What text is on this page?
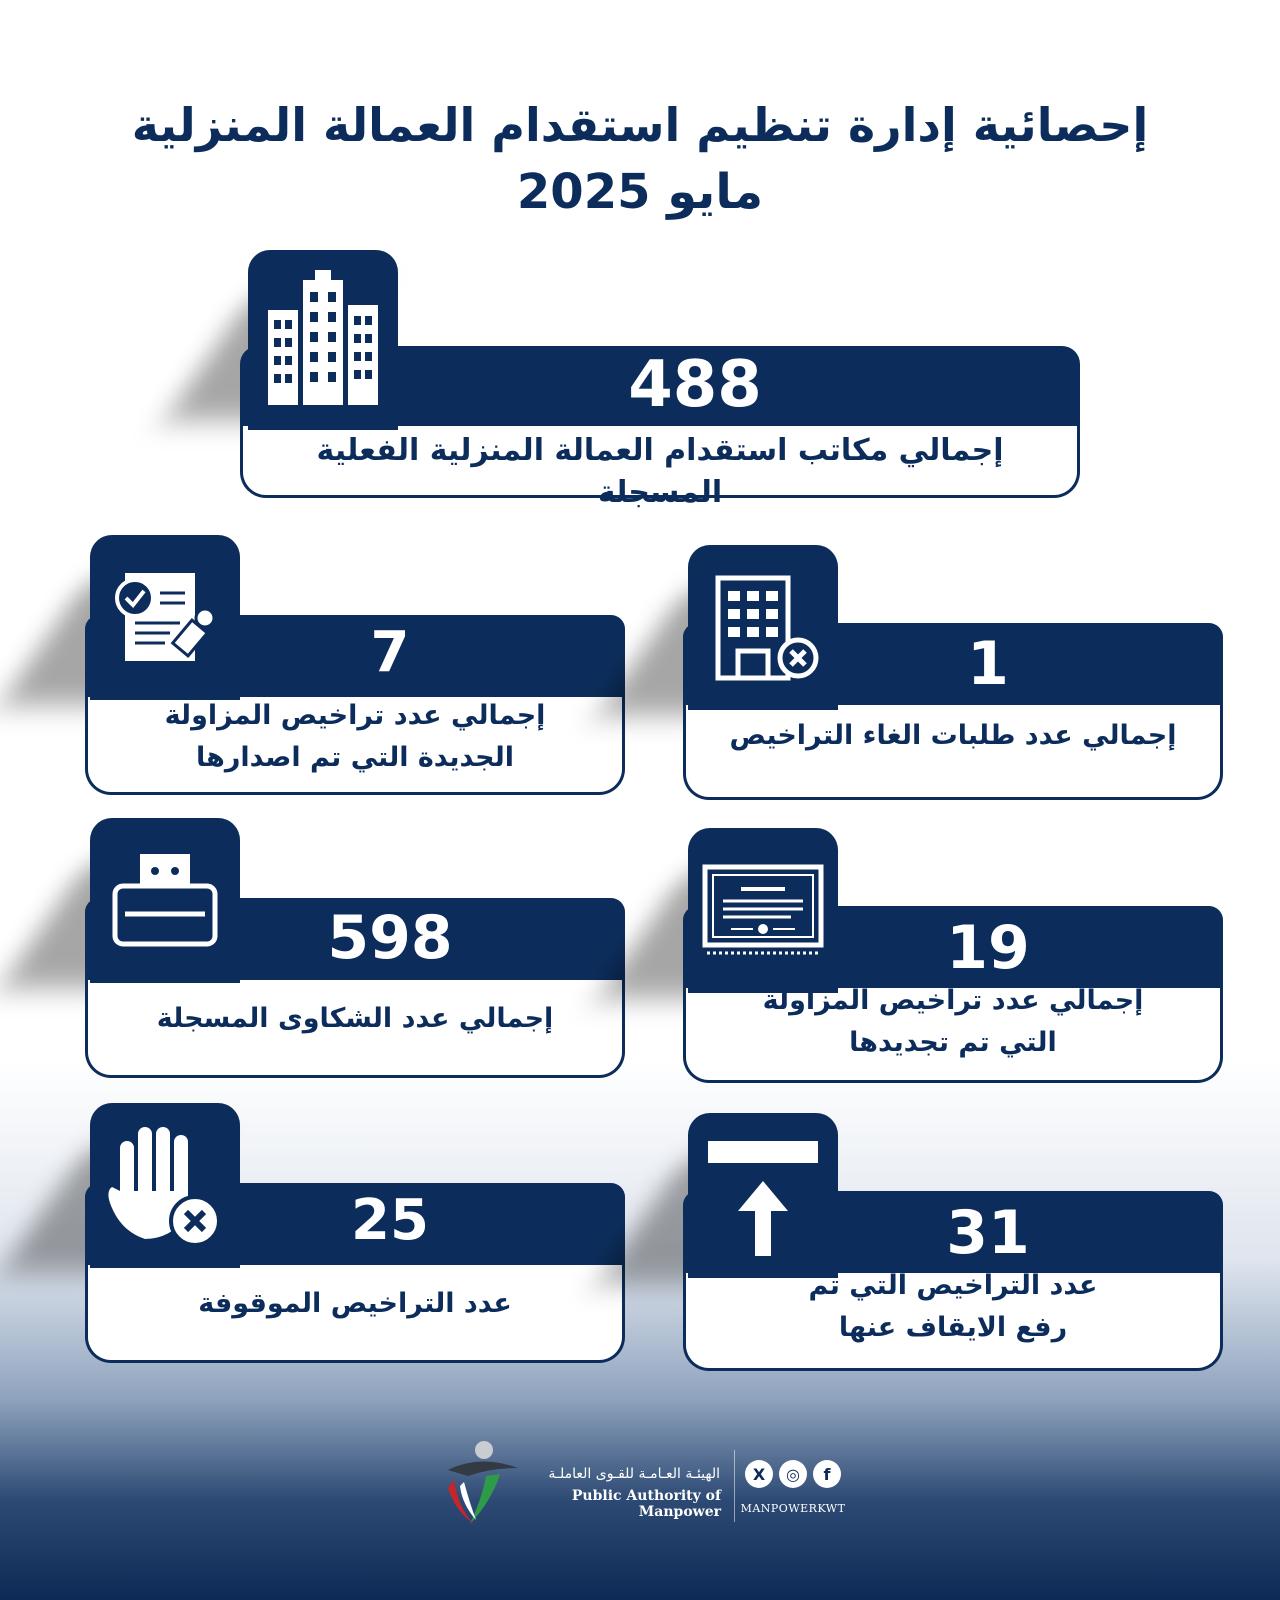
إحصائية إدارة تنظيم استقدام العمالة المنزلية
مايو 2025
488
إجمالي مكاتب استقدام العمالة المنزلية الفعلية المسجلة
7
إجمالي عدد تراخيص المزاولة
الجديدة التي تم اصدارها
1
إجمالي عدد طلبات الغاء التراخيص
598
إجمالي عدد الشكاوى المسجلة
19
إجمالي عدد تراخيص المزاولة
التي تم تجديدها
25
عدد التراخيص الموقوفة
31
عدد التراخيص التي تم
رفع الايقاف عنها
الهيئـة العـامـة للقـوى العاملـة
Public Authority of Manpower
X	◎	f
MANPOWERKWT
